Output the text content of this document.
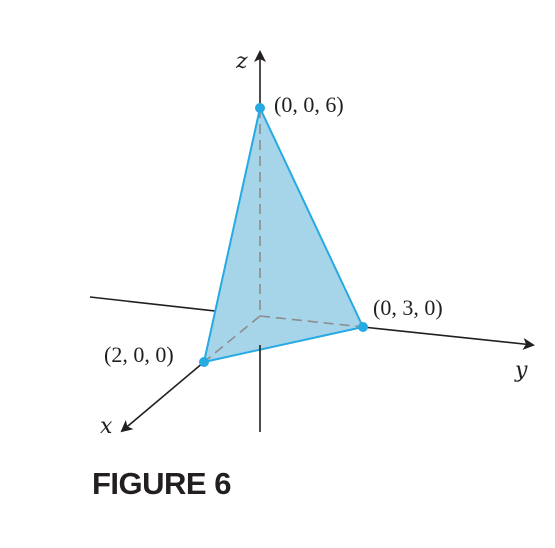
z
y
x
(0, 0, 6)
(0, 3, 0)
(2, 0, 0)

FIGURE 6
